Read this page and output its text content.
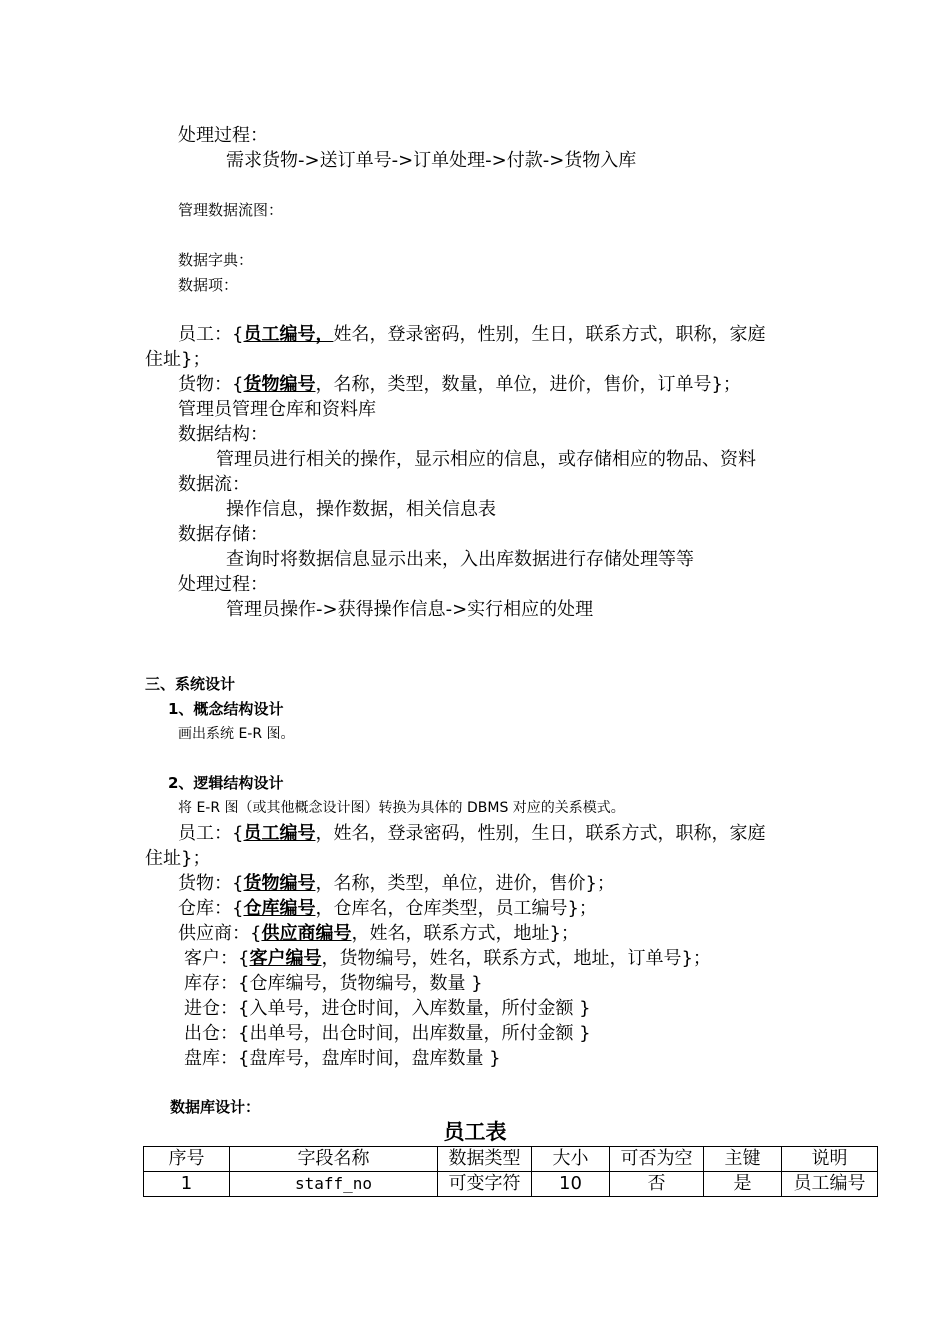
处理过程：
需求货物->送订单号->订单处理->付款->货物入库
管理数据流图：
数据字典：
数据项：
员工：{员工编号，姓名，登录密码，性别，生日，联系方式，职称，家庭
住址}；
货物：{货物编号，名称，类型，数量，单位，进价，售价，订单号}；
管理员管理仓库和资料库
数据结构：
管理员进行相关的操作，显示相应的信息，或存储相应的物品、资料
数据流：
操作信息，操作数据，相关信息表
数据存储：
查询时将数据信息显示出来，入出库数据进行存储处理等等
处理过程：
管理员操作->获得操作信息->实行相应的处理
三、系统设计
1、概念结构设计
画出系统 E-R 图。
2、逻辑结构设计
将 E-R 图（或其他概念设计图）转换为具体的 DBMS 对应的关系模式。
员工：{员工编号，姓名，登录密码，性别，生日，联系方式，职称，家庭
住址}；
货物：{货物编号，名称，类型，单位，进价，售价}；
仓库：{仓库编号，仓库名，仓库类型，员工编号}；
供应商：{供应商编号，姓名，联系方式，地址}；
客户：{客户编号，货物编号，姓名，联系方式，地址，订单号}；
库存：{仓库编号，货物编号，数量 }
进仓：{入单号，进仓时间，入库数量，所付金额 }
出仓：{出单号，出仓时间，出库数量，所付金额 }
盘库：{盘库号，盘库时间，盘库数量 }
数据库设计：
员工表
序号	字段名称	数据类型	大小	可否为空	主键	说明
1	staff_no	可变字符	10	否	是	员工编号
